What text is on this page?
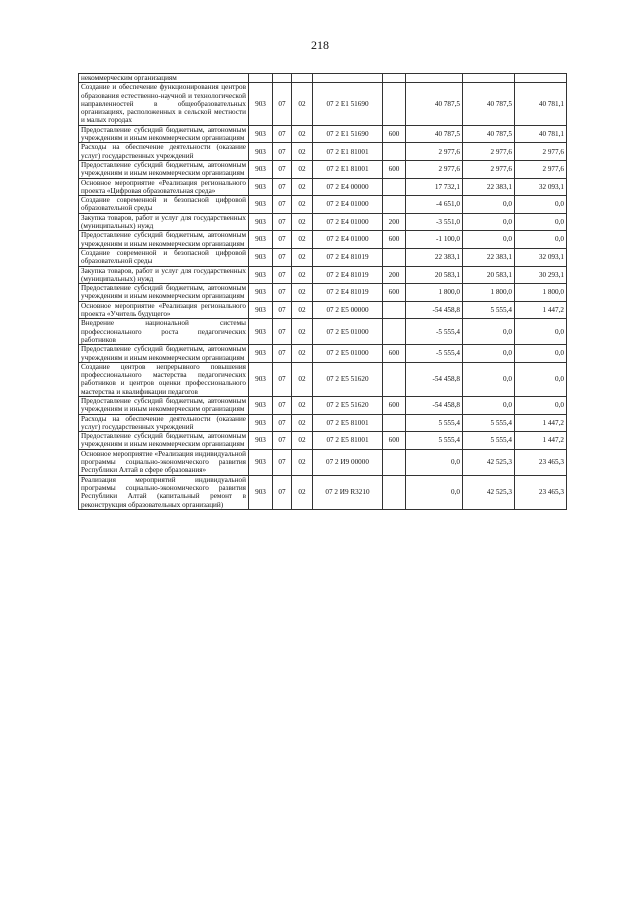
218
некоммерческим организациям								
Создание и обеспечение функционирования центров образования естественно-научной и технологической направленностей в общеобразовательных организациях, расположенных в сельской местности и малых городах	903	07	02	07 2 E1 51690		40 787,5	40 787,5	40 781,1
Предоставление субсидий бюджетным, автономным учреждениям и иным некоммерческим организациям	903	07	02	07 2 E1 51690	600	40 787,5	40 787,5	40 781,1
Расходы на обеспечение деятельности (оказание услуг) государственных учреждений	903	07	02	07 2 E1 81001		2 977,6	2 977,6	2 977,6
Предоставление субсидий бюджетным, автономным учреждениям и иным некоммерческим организациям	903	07	02	07 2 E1 81001	600	2 977,6	2 977,6	2 977,6
Основное мероприятие «Реализация регионального проекта «Цифровая образовательная среда»	903	07	02	07 2 E4 00000		17 732,1	22 383,1	32 093,1
Создание современной и безопасной цифровой образовательной среды	903	07	02	07 2 E4 01000		-4 651,0	0,0	0,0
Закупка товаров, работ и услуг для государственных (муниципальных) нужд	903	07	02	07 2 E4 01000	200	-3 551,0	0,0	0,0
Предоставление субсидий бюджетным, автономным учреждениям и иным некоммерческим организациям	903	07	02	07 2 E4 01000	600	-1 100,0	0,0	0,0
Создание современной и безопасной цифровой образовательной среды	903	07	02	07 2 E4 81019		22 383,1	22 383,1	32 093,1
Закупка товаров, работ и услуг для государственных (муниципальных) нужд	903	07	02	07 2 E4 81019	200	20 583,1	20 583,1	30 293,1
Предоставление субсидий бюджетным, автономным учреждениям и иным некоммерческим организациям	903	07	02	07 2 E4 81019	600	1 800,0	1 800,0	1 800,0
Основное мероприятие «Реализация регионального проекта «Учитель будущего»	903	07	02	07 2 E5 00000		-54 458,8	5 555,4	1 447,2
Внедрение национальной системы профессионального роста педагогических работников	903	07	02	07 2 E5 01000		-5 555,4	0,0	0,0
Предоставление субсидий бюджетным, автономным учреждениям и иным некоммерческим организациям	903	07	02	07 2 E5 01000	600	-5 555,4	0,0	0,0
Создание центров непрерывного повышения профессионального мастерства педагогических работников и центров оценки профессионального мастерства и квалификации педагогов	903	07	02	07 2 E5 51620		-54 458,8	0,0	0,0
Предоставление субсидий бюджетным, автономным учреждениям и иным некоммерческим организациям	903	07	02	07 2 E5 51620	600	-54 458,8	0,0	0,0
Расходы на обеспечение деятельности (оказание услуг) государственных учреждений	903	07	02	07 2 E5 81001		5 555,4	5 555,4	1 447,2
Предоставление субсидий бюджетным, автономным учреждениям и иным некоммерческим организациям	903	07	02	07 2 E5 81001	600	5 555,4	5 555,4	1 447,2
Основное мероприятие «Реализация индивидуальной программы социально-экономического развития Республики Алтай в сфере образования»	903	07	02	07 2 И9 00000		0,0	42 525,3	23 465,3
Реализация мероприятий индивидуальной программы социально-экономического развития Республики Алтай (капитальный ремонт в реконструкция образовательных организаций)	903	07	02	07 2 И9 R3210		0,0	42 525,3	23 465,3
